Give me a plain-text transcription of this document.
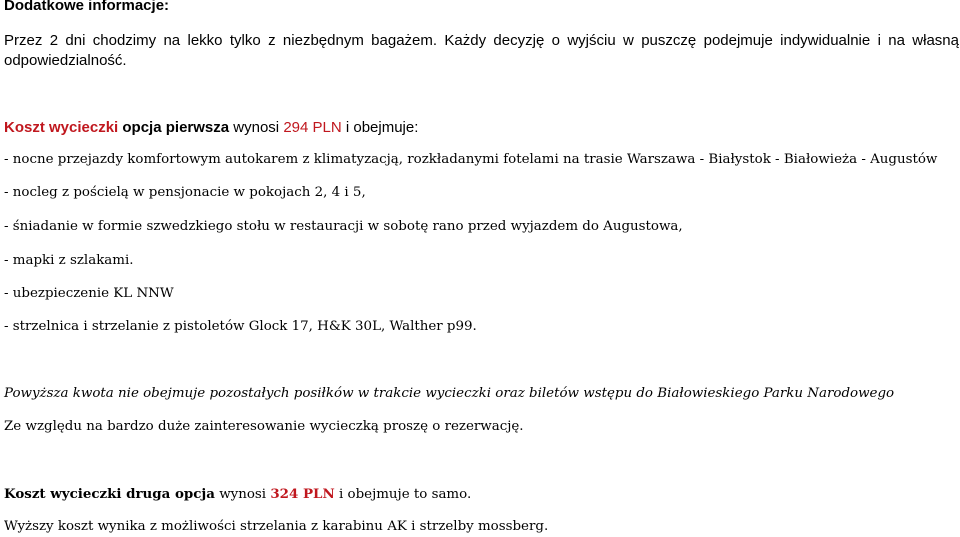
Dodatkowe informacje:

Przez 2 dni chodzimy na lekko tylko z niezbędnym bagażem. Każdy decyzję o wyjściu w puszczę podejmuje indywidualnie i na własną

odpowiedzialność.

Koszt wycieczki opcja pierwsza wynosi 294 PLN i obejmuje:

- nocne przejazdy komfortowym autokarem z klimatyzacją, rozkładanymi fotelami na trasie Warszawa - Białystok - Białowieża - Augustów

- nocleg z pościelą w pensjonacie w pokojach 2, 4 i 5,

- śniadanie w formie szwedzkiego stołu w restauracji w sobotę rano przed wyjazdem do Augustowa,

- mapki z szlakami.

- ubezpieczenie KL NNW

- strzelnica i strzelanie z pistoletów Glock 17, H&K 30L, Walther p99.

Powyższa kwota nie obejmuje pozostałych posiłków w trakcie wycieczki oraz biletów wstępu do Białowieskiego Parku Narodowego

Ze względu na bardzo duże zainteresowanie wycieczką proszę o rezerwację.

Koszt wycieczki druga opcja wynosi 324 PLN i obejmuje to samo.

Wyższy koszt wynika z możliwości strzelania z karabinu AK i strzelby mossberg.
